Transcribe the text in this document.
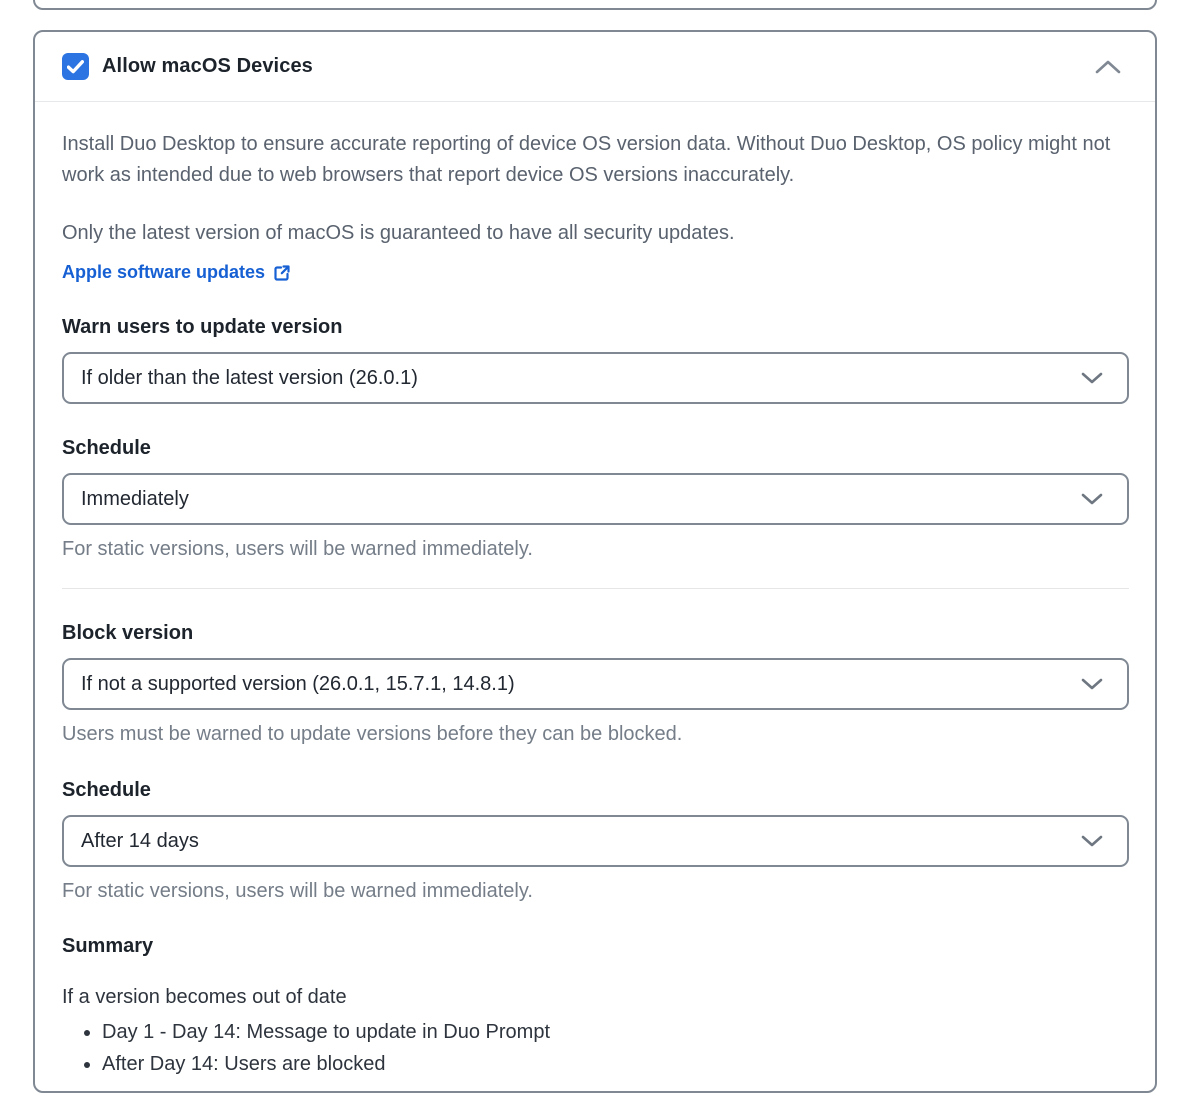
Allow macOS Devices

Install Duo Desktop to ensure accurate reporting of device OS version data. Without Duo Desktop, OS policy might not work as intended due to web browsers that report device OS versions inaccurately.

Only the latest version of macOS is guaranteed to have all security updates.

Apple software updates
Warn users to update version
If older than the latest version (26.0.1)
Schedule
Immediately

For static versions, users will be warned immediately.

Block version
If not a supported version (26.0.1, 15.7.1, 14.8.1)

Users must be warned to update versions before they can be blocked.

Schedule
After 14 days

For static versions, users will be warned immediately.

Summary

If a version becomes out of date

• Day 1 - Day 14: Message to update in Duo Prompt
• After Day 14: Users are blocked
